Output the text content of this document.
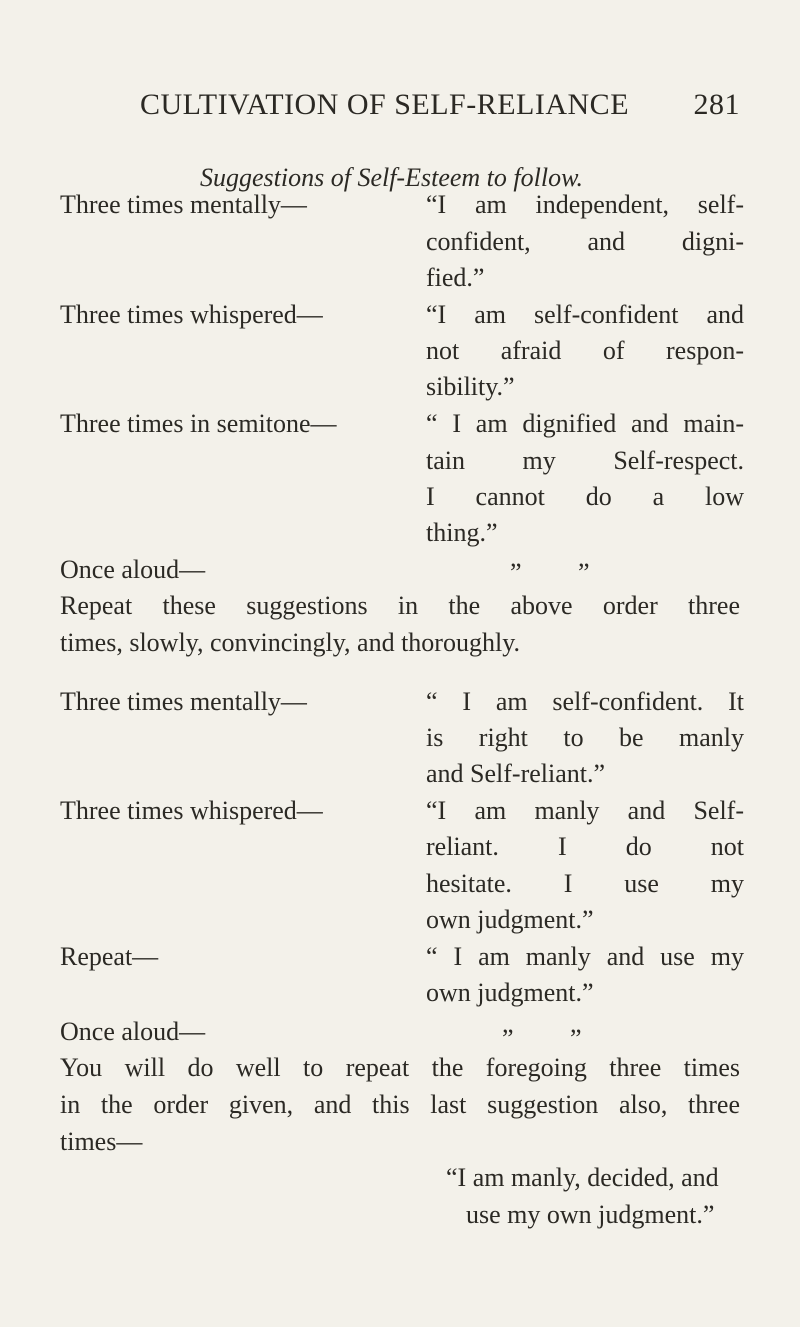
CULTIVATION OF SELF-RELIANCE 281
Suggestions of Self-Esteem to follow.
Three times mentally—	“I am independent, self-
confident, and digni-
fied.”
Three times whispered—	“I am self-confident and
not afraid of respon-
sibility.”
Three times in semitone—	“ I am dignified and main-
tain my Self-respect.
I cannot do a low
thing.”
Once aloud—	” ”
Repeat these suggestions in the above order three
times, slowly, convincingly, and thoroughly.
Three times mentally—	“ I am self-confident. It
is right to be manly
and Self-reliant.”
Three times whispered—	“I am manly and Self-
reliant. I do not
hesitate. I use my
own judgment.”
Repeat—	“ I am manly and use my
own judgment.”
Once aloud—	” ”
You will do well to repeat the foregoing three times
in the order given, and this last suggestion also, three
times—
“I am manly, decided, and
use my own judgment.”
